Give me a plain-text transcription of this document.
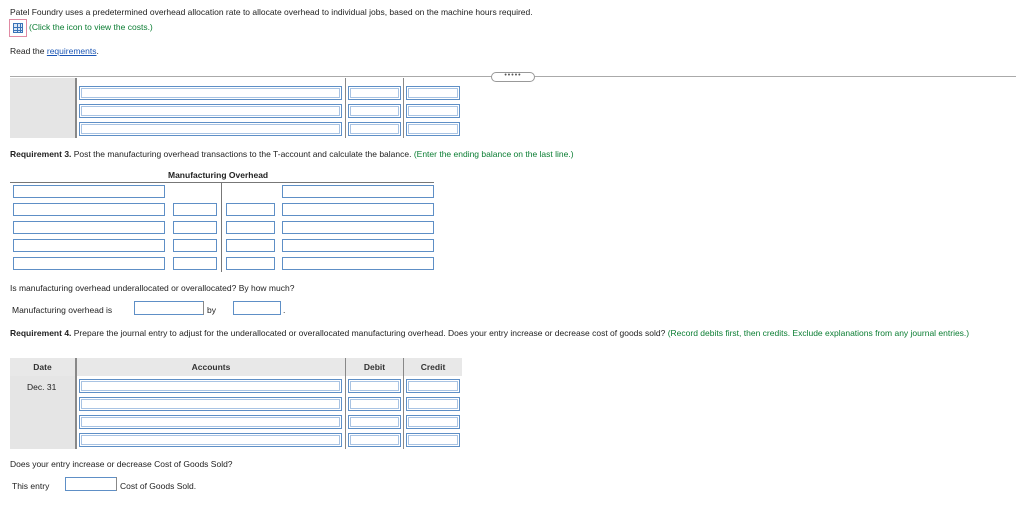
Patel Foundry uses a predetermined overhead allocation rate to allocate overhead to individual jobs, based on the machine hours required.
(Click the icon to view the costs.)
Read the requirements.
•••••
Requirement 3. Post the manufacturing overhead transactions to the T-account and calculate the balance. (Enter the ending balance on the last line.)
Manufacturing Overhead
Is manufacturing overhead underallocated or overallocated? By how much?
Manufacturing overhead is	by	.
Requirement 4. Prepare the journal entry to adjust for the underallocated or overallocated manufacturing overhead. Does your entry increase or decrease cost of goods sold? (Record debits first, then credits. Exclude explanations from any journal entries.)
Date	Accounts	Debit	Credit
Dec. 31
Does your entry increase or decrease Cost of Goods Sold?
This entry	Cost of Goods Sold.
